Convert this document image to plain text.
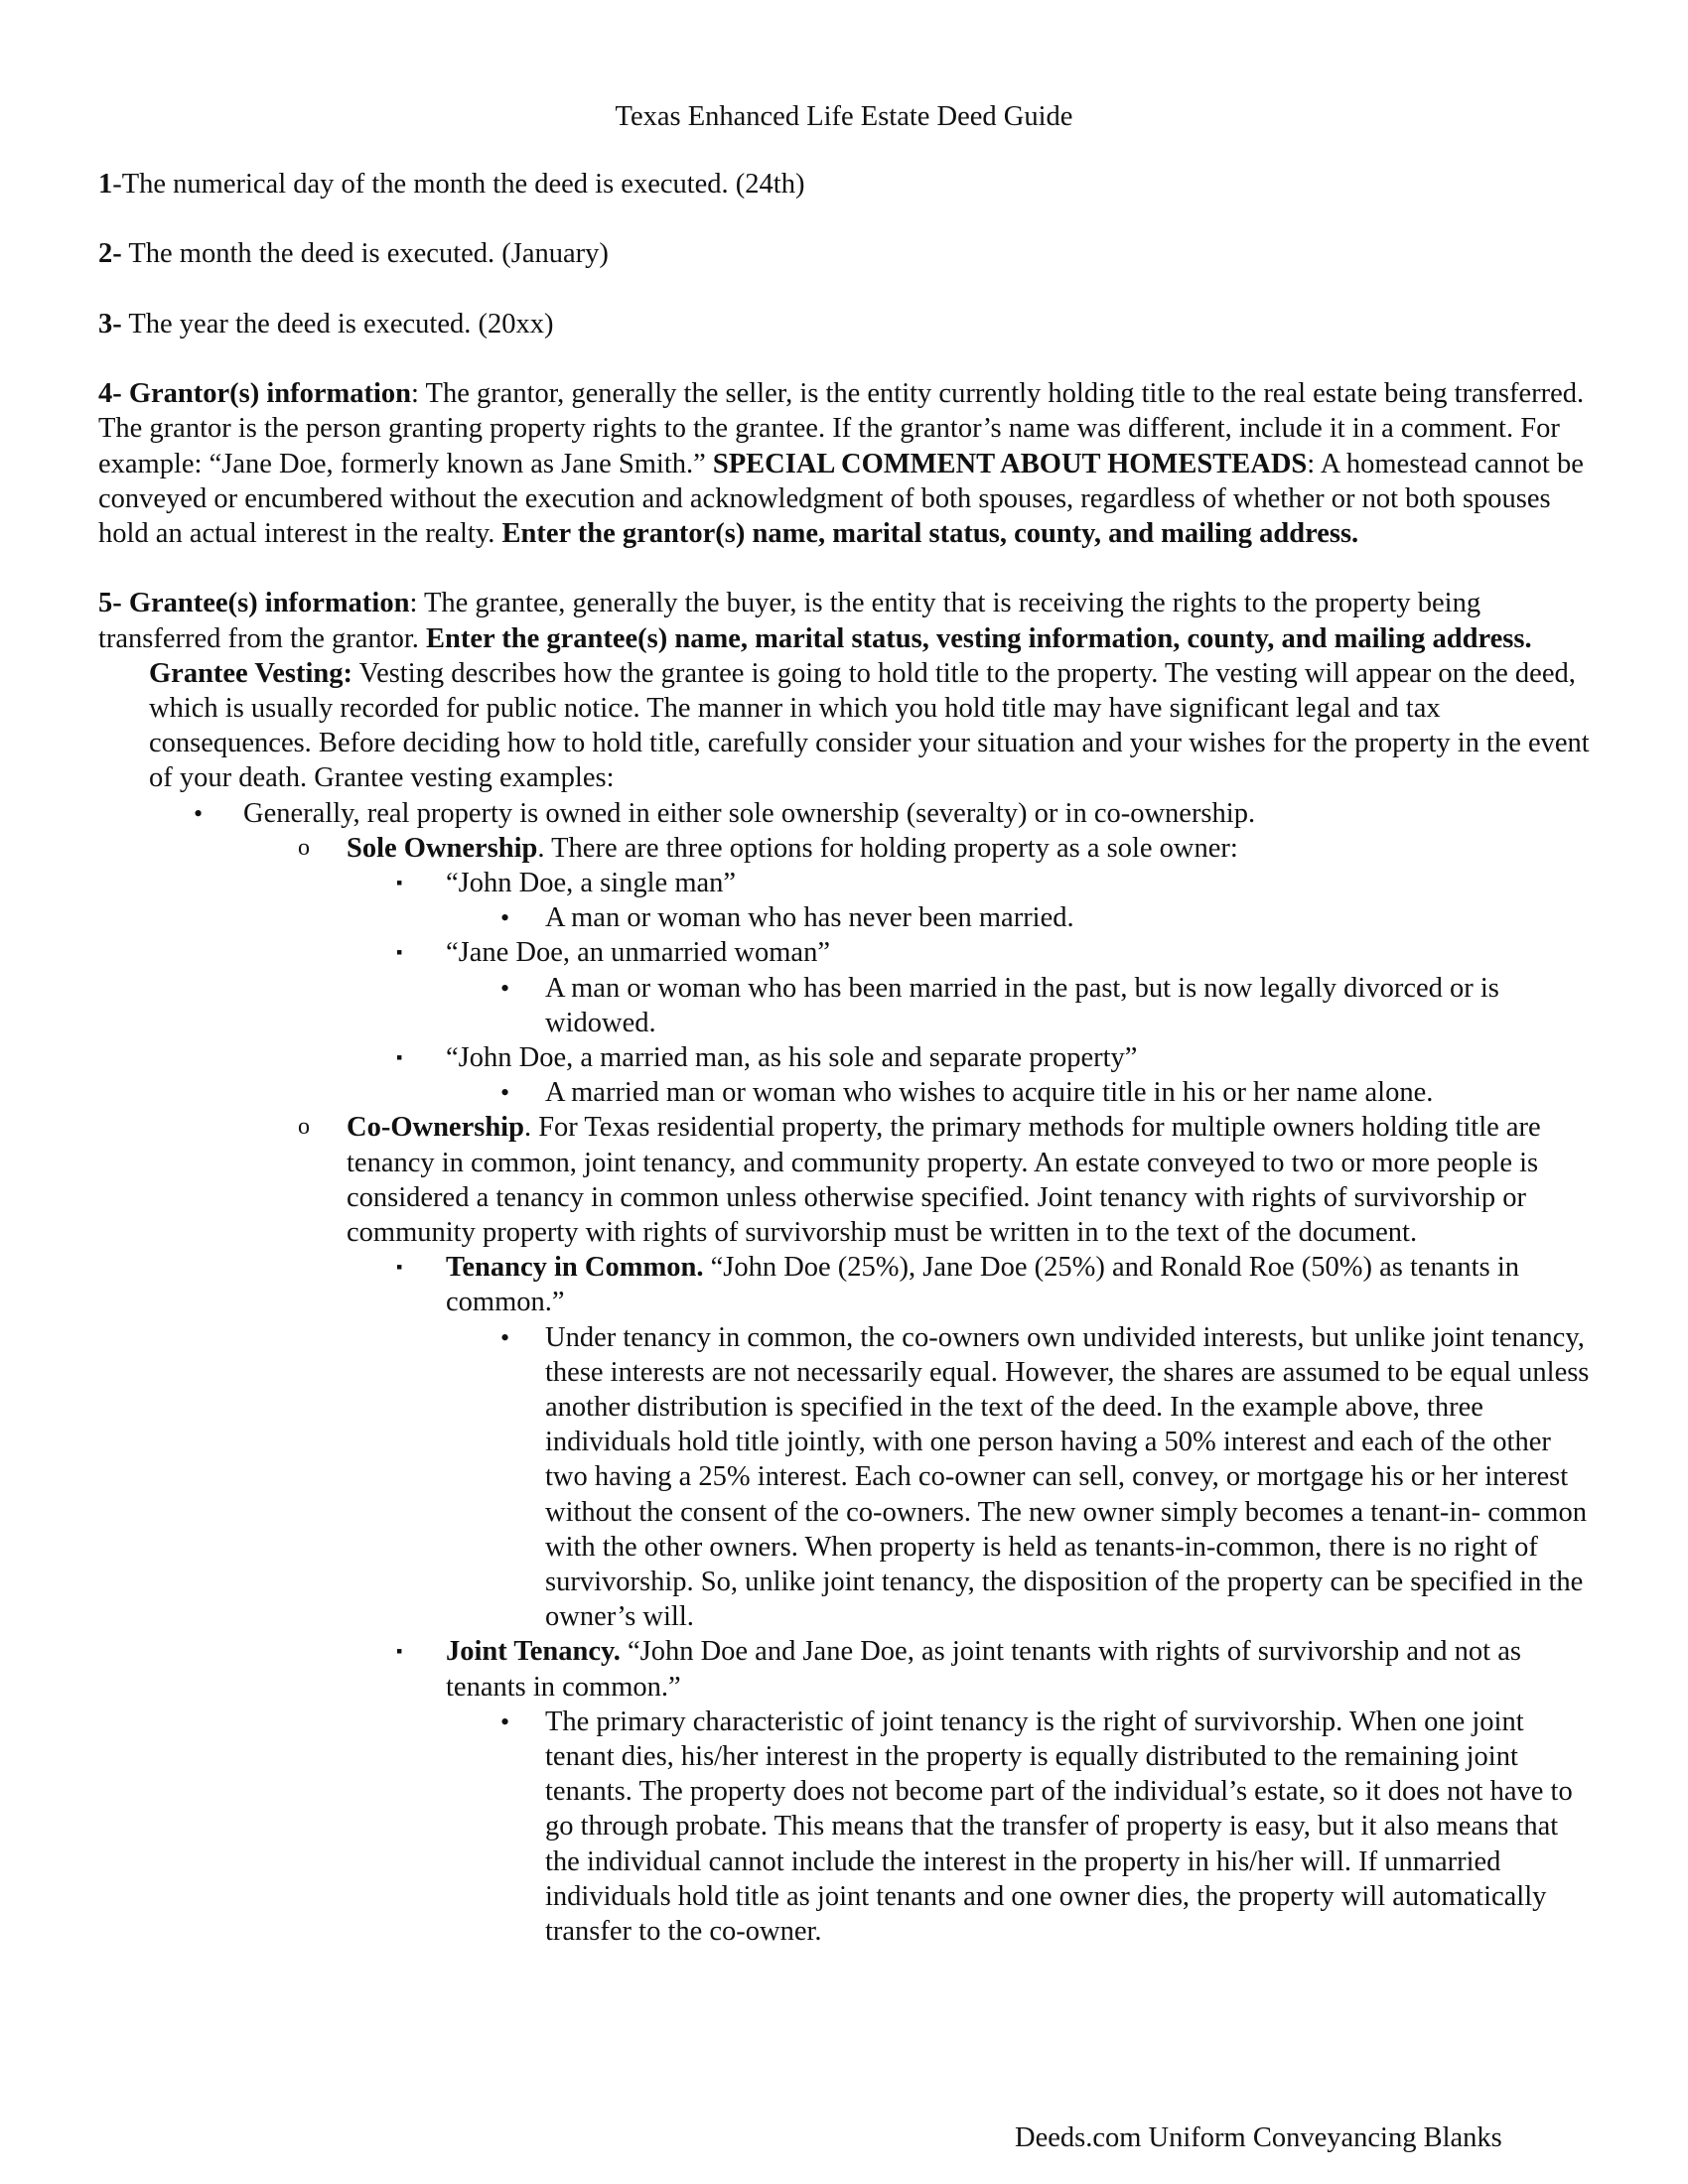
Texas Enhanced Life Estate Deed Guide

1-The numerical day of the month the deed is executed. (24th)

2- The month the deed is executed. (January)

3- The year the deed is executed. (20xx)

4- Grantor(s) information: The grantor, generally the seller, is the entity currently holding title to the real estate being transferred. The grantor is the person granting property rights to the grantee. If the grantor’s name was different, include it in a comment. For example: “Jane Doe, formerly known as Jane Smith.” SPECIAL COMMENT ABOUT HOMESTEADS: A homestead cannot be conveyed or encumbered without the execution and acknowledgment of both spouses, regardless of whether or not both spouses hold an actual interest in the realty. Enter the grantor(s) name, marital status, county, and mailing address.

5- Grantee(s) information: The grantee, generally the buyer, is the entity that is receiving the rights to the property being transferred from the grantor. Enter the grantee(s) name, marital status, vesting information, county, and mailing address.

Grantee Vesting: Vesting describes how the grantee is going to hold title to the property. The vesting will appear on the deed, which is usually recorded for public notice. The manner in which you hold title may have significant legal and tax consequences. Before deciding how to hold title, carefully consider your situation and your wishes for the property in the event of your death. Grantee vesting examples:

• Generally, real property is owned in either sole ownership (severalty) or in co-ownership.
o Sole Ownership. There are three options for holding property as a sole owner:
▪ “John Doe, a single man”
• A man or woman who has never been married.
▪ “Jane Doe, an unmarried woman”
• A man or woman who has been married in the past, but is now legally divorced or is widowed.
▪ “John Doe, a married man, as his sole and separate property”
• A married man or woman who wishes to acquire title in his or her name alone.
o Co-Ownership. For Texas residential property, the primary methods for multiple owners holding title are tenancy in common, joint tenancy, and community property. An estate conveyed to two or more people is considered a tenancy in common unless otherwise specified. Joint tenancy with rights of survivorship or community property with rights of survivorship must be written in to the text of the document.
▪ Tenancy in Common. “John Doe (25%), Jane Doe (25%) and Ronald Roe (50%) as tenants in common.”
• Under tenancy in common, the co-owners own undivided interests, but unlike joint tenancy, these interests are not necessarily equal. However, the shares are assumed to be equal unless another distribution is specified in the text of the deed. In the example above, three individuals hold title jointly, with one person having a 50% interest and each of the other two having a 25% interest. Each co-owner can sell, convey, or mortgage his or her interest without the consent of the co-owners. The new owner simply becomes a tenant-in- common with the other owners. When property is held as tenants-in-common, there is no right of survivorship. So, unlike joint tenancy, the disposition of the property can be specified in the owner’s will.
▪ Joint Tenancy. “John Doe and Jane Doe, as joint tenants with rights of survivorship and not as tenants in common.”
• The primary characteristic of joint tenancy is the right of survivorship. When one joint tenant dies, his/her interest in the property is equally distributed to the remaining joint tenants. The property does not become part of the individual’s estate, so it does not have to go through probate. This means that the transfer of property is easy, but it also means that the individual cannot include the interest in the property in his/her will. If unmarried individuals hold title as joint tenants and one owner dies, the property will automatically transfer to the co-owner.
Deeds.com Uniform Conveyancing Blanks
